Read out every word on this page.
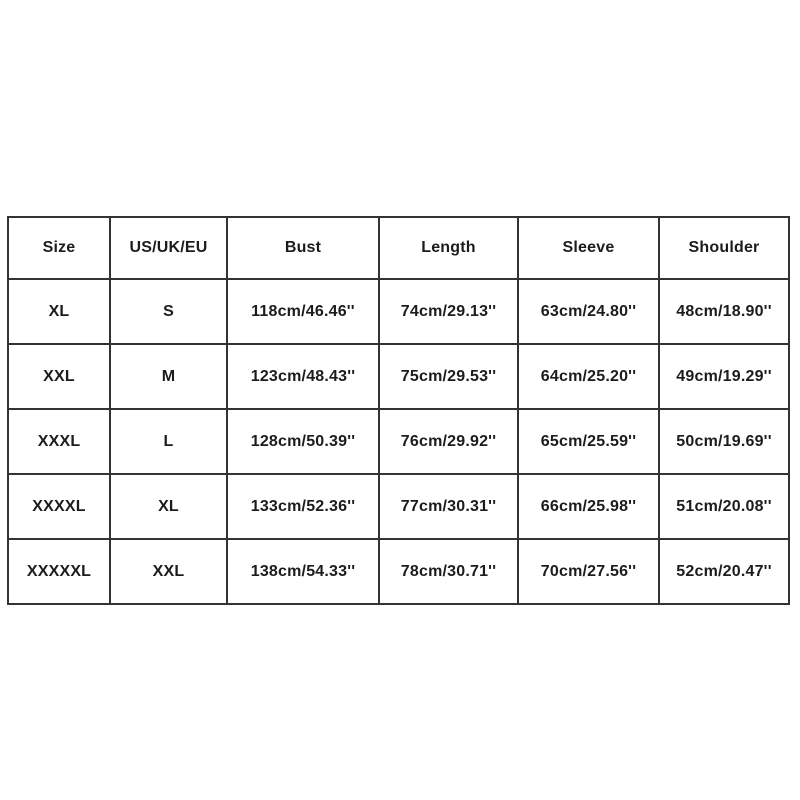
Size	US/UK/EU	Bust	Length	Sleeve	Shoulder
XL	S	118cm/46.46''	74cm/29.13''	63cm/24.80''	48cm/18.90''
XXL	M	123cm/48.43''	75cm/29.53''	64cm/25.20''	49cm/19.29''
XXXL	L	128cm/50.39''	76cm/29.92''	65cm/25.59''	50cm/19.69''
XXXXL	XL	133cm/52.36''	77cm/30.31''	66cm/25.98''	51cm/20.08''
XXXXXL	XXL	138cm/54.33''	78cm/30.71''	70cm/27.56''	52cm/20.47''
